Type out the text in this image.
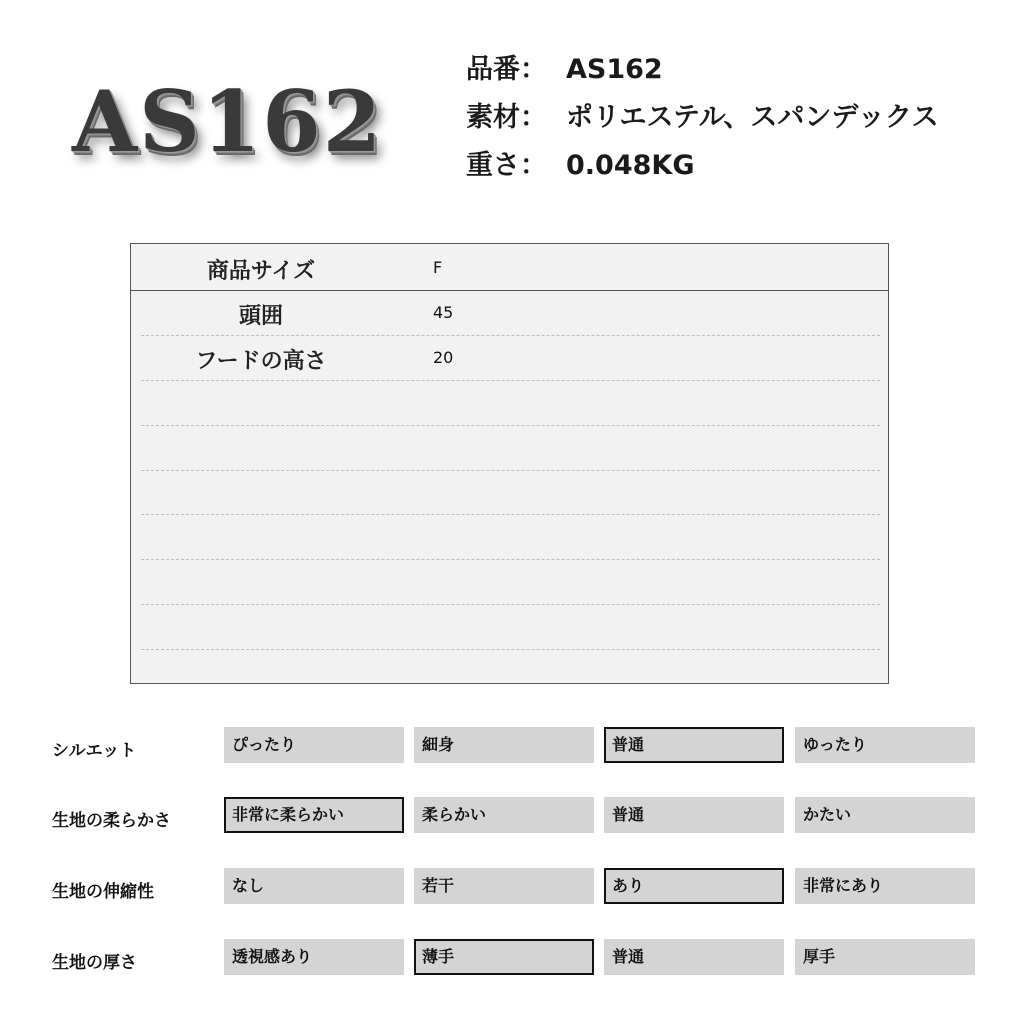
AS162
品番： AS162
素材： ポリエステル、スパンデックス
重さ： 0.048KG
商品サイズ	F
頭囲	45
フードの高さ	20
シルエット	ぴったり	細身	普通	ゆったり
生地の柔らかさ	非常に柔らかい	柔らかい	普通	かたい
生地の伸縮性	なし	若干	あり	非常にあり
生地の厚さ	透視感あり	薄手	普通	厚手
